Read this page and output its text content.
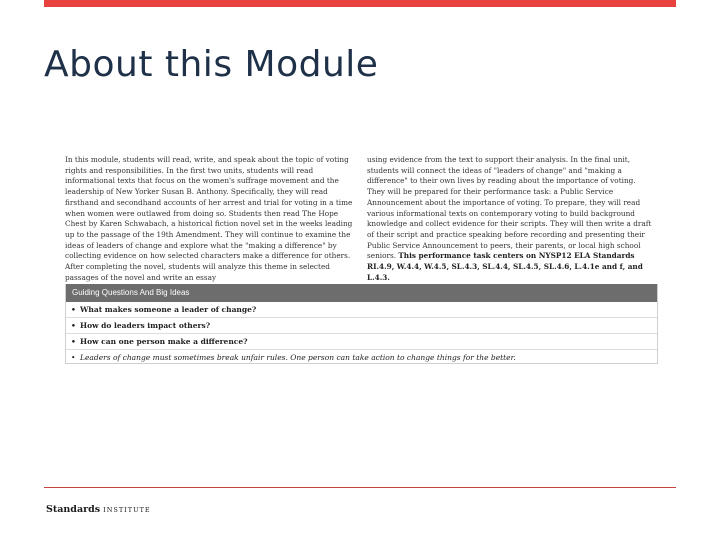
About this Module
In this module, students will read, write, and speak about the topic of voting rights and responsibilities. In the first two units, students will read informational texts that focus on the women's suffrage movement and the leadership of New Yorker Susan B. Anthony. Specifically, they will read firsthand and secondhand accounts of her arrest and trial for voting in a time when women were outlawed from doing so. Students then read The Hope Chest by Karen Schwabach, a historical fiction novel set in the weeks leading up to the passage of the 19th Amendment. They will continue to examine the ideas of leaders of change and explore what the "making a difference" by collecting evidence on how selected characters make a difference for others. After completing the novel, students will analyze this theme in selected passages of the novel and write an essay
using evidence from the text to support their analysis. In the final unit, students will connect the ideas of "leaders of change" and "making a difference" to their own lives by reading about the importance of voting. They will be prepared for their performance task: a Public Service Announcement about the importance of voting. To prepare, they will read various informational texts on contemporary voting to build background knowledge and collect evidence for their scripts. They will then write a draft of their script and practice speaking before recording and presenting their Public Service Announcement to peers, their parents, or local high school seniors. This performance task centers on NYSP12 ELA Standards RI.4.9, W.4.4, W.4.5, SL.4.3, SL.4.4, SL.4.5, SL.4.6, L.4.1e and f, and L.4.3.
Guiding Questions And Big Ideas
• What makes someone a leader of change?
• How do leaders impact others?
• How can one person make a difference?
• Leaders of change must sometimes break unfair rules. One person can take action to change things for the better.
Standards INSTITUTE
